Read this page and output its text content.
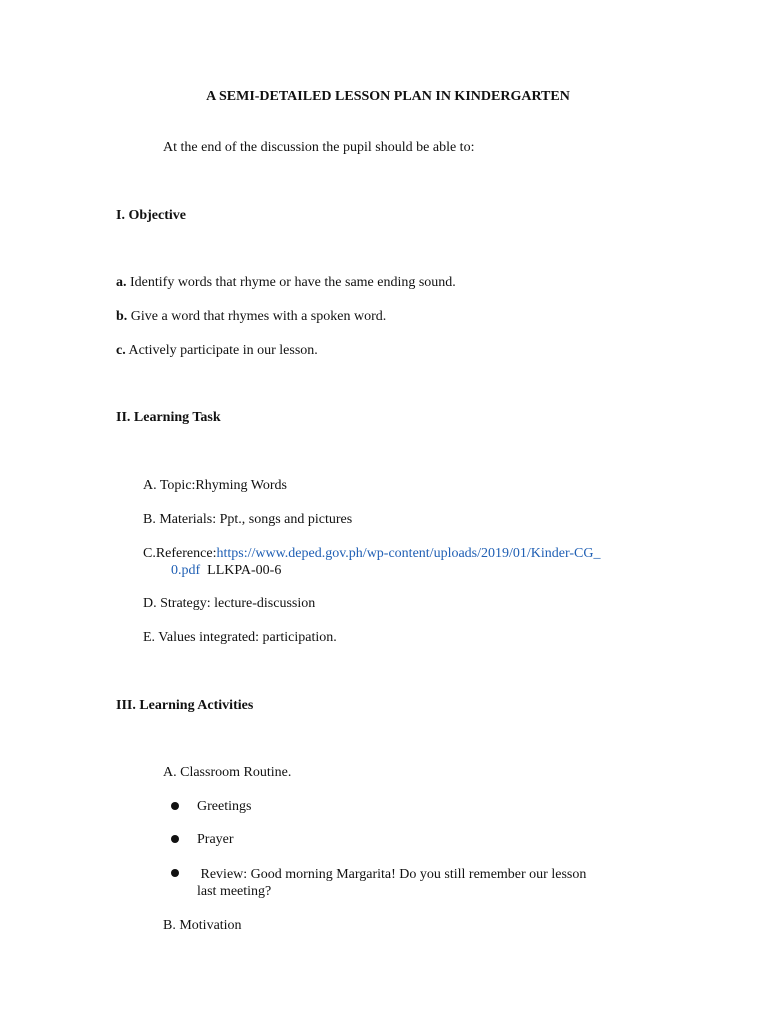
A SEMI-DETAILED LESSON PLAN IN KINDERGARTEN
At the end of the discussion the pupil should be able to:
I. Objective
a. Identify words that rhyme or have the same ending sound.
b. Give a word that rhymes with a spoken word.
c. Actively participate in our lesson.
II. Learning Task
A. Topic:Rhyming Words
B. Materials: Ppt., songs and pictures
C.Reference:https://www.deped.gov.ph/wp-content/uploads/2019/01/Kinder-CG_
0.pdf LLKPA-00-6
D. Strategy: lecture-discussion
E. Values integrated: participation.
III. Learning Activities
A. Classroom Routine.
Greetings
Prayer
Review: Good morning Margarita! Do you still remember our lesson
last meeting?
B. Motivation
